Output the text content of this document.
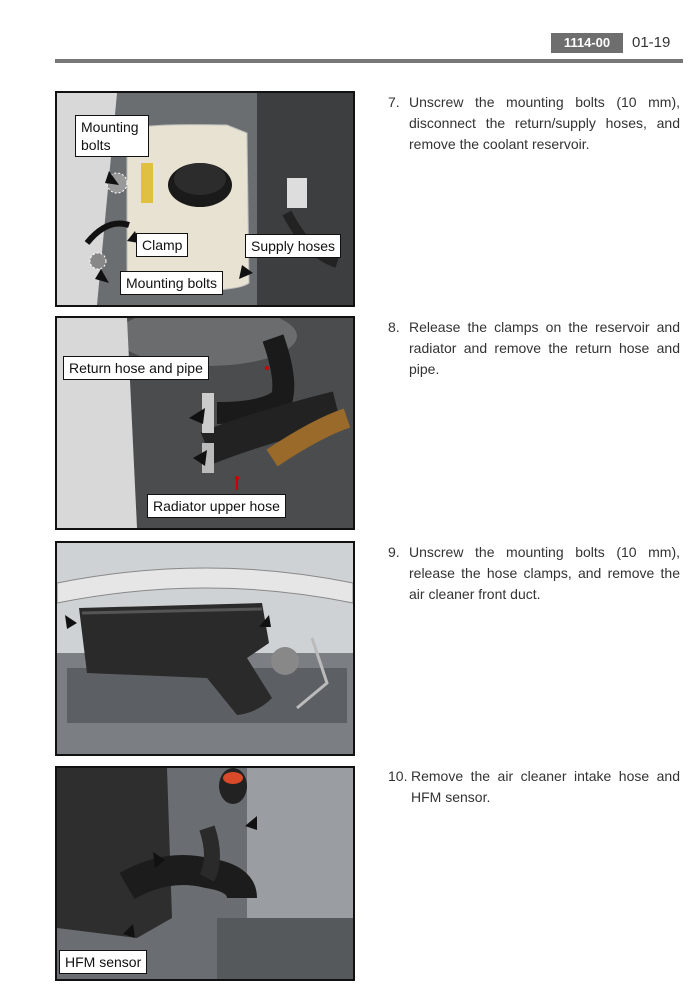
1114-00	01-19
Mounting bolts
Clamp	Supply hoses
Mounting bolts
7. Unscrew the mounting bolts (10 mm), disconnect the return/supply hoses, and remove the coolant reservoir.
Return hose and pipe
Radiator upper hose
8. Release the clamps on the reservoir and radiator and remove the return hose and pipe.
9. Unscrew the mounting bolts (10 mm), release the hose clamps, and remove the air cleaner front duct.
HFM sensor
10. Remove the air cleaner intake hose and HFM sensor.
